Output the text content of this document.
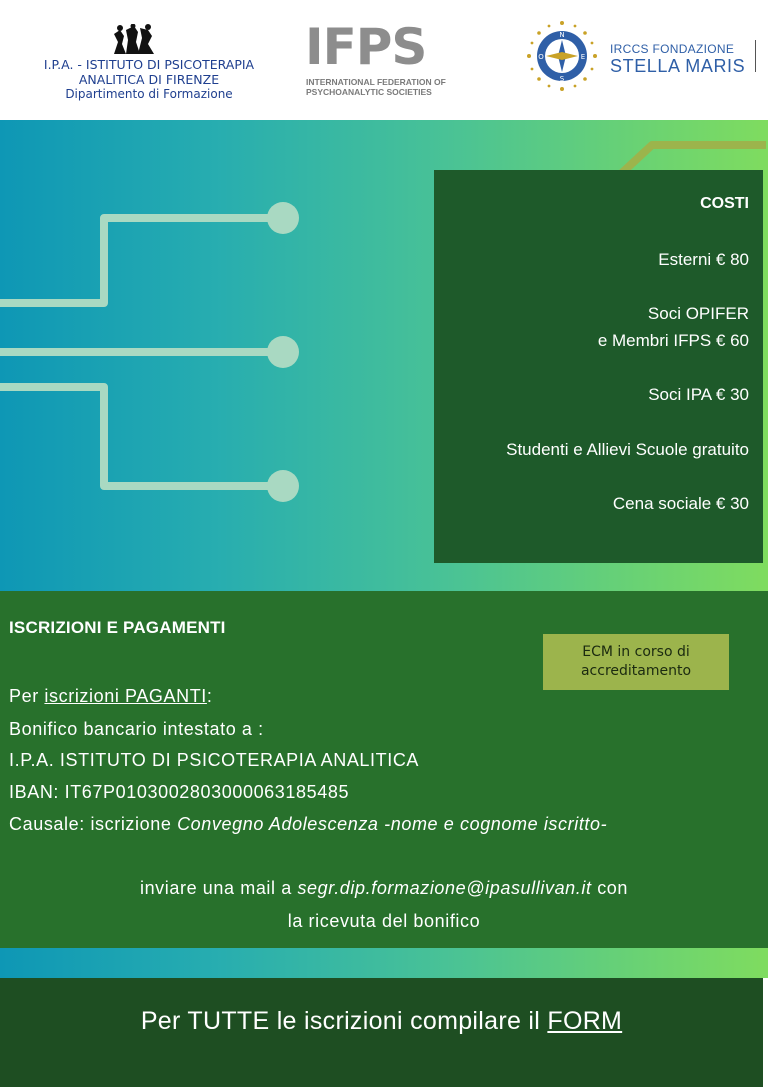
I.P.A. - ISTITUTO DI PSICOTERAPIA
ANALITICA DI FIRENZE
Dipartimento di Formazione
IFPS
INTERNATIONAL FEDERATION OF
PSYCHOANALYTIC SOCIETIES
N
S
E
O
IRCCS FONDAZIONE
STELLA MARIS
COSTI
Esterni € 80
Soci OPIFER
e Membri IFPS € 60
Soci IPA € 30
Studenti e Allievi Scuole gratuito
Cena sociale € 30
ISCRIZIONI E PAGAMENTI
ECM in corso di
accreditamento
Per iscrizioni PAGANTI:
Bonifico bancario intestato a :
I.P.A. ISTITUTO DI PSICOTERAPIA ANALITICA
IBAN: IT67P0103002803000063185485
Causale: iscrizione Convegno Adolescenza -nome e cognome iscritto-
inviare una mail a segr.dip.formazione@ipasullivan.it con
la ricevuta del bonifico
Per TUTTE le iscrizioni compilare il FORM
